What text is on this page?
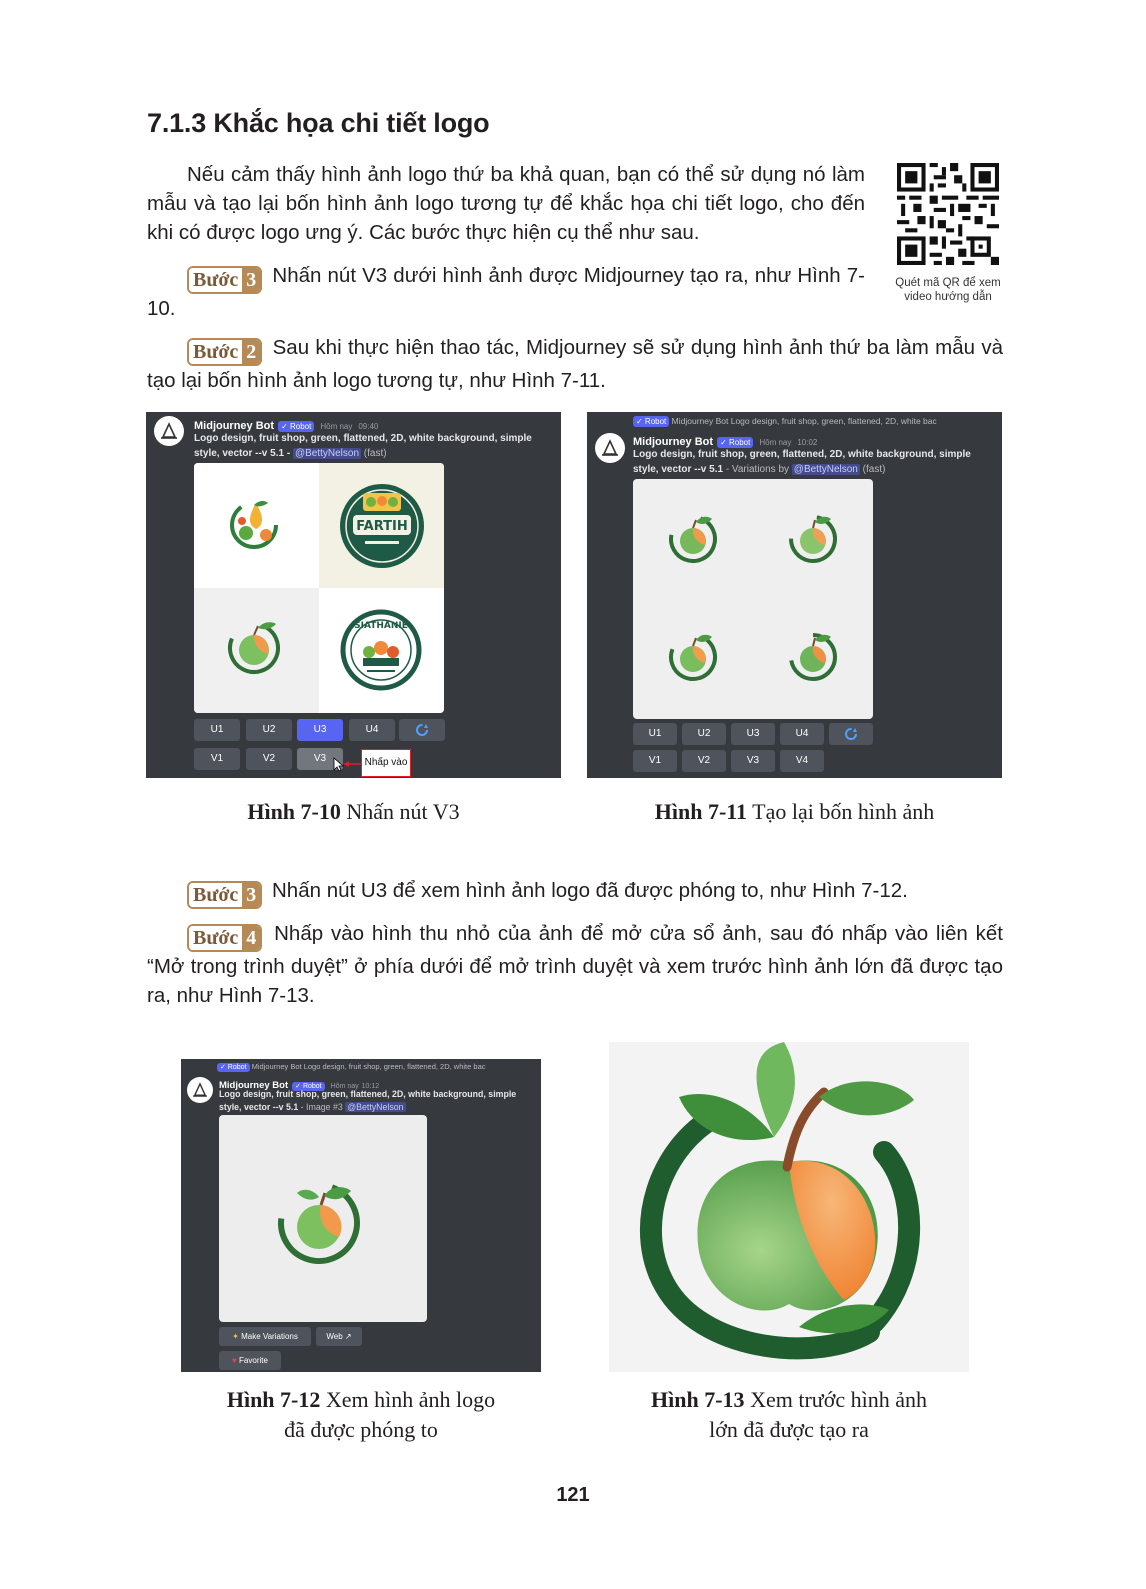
7.1.3 Khắc họa chi tiết logo
Nếu cảm thấy hình ảnh logo thứ ba khả quan, bạn có thể sử dụng nó làm mẫu và tạo lại bốn hình ảnh logo tương tự để khắc họa chi tiết logo, cho đến khi có được logo ưng ý. Các bước thực hiện cụ thể như sau.
Quét mã QR để xem video hướng dẫn
Bước 3 Nhấn nút V3 dưới hình ảnh được Midjourney tạo ra, như Hình 7-10.
Bước 2 Sau khi thực hiện thao tác, Midjourney sẽ sử dụng hình ảnh thứ ba làm mẫu và tạo lại bốn hình ảnh logo tương tự, như Hình 7-11.
Midjourney Bot ✓ Robot Hôm nay 09:40
Logo design, fruit shop, green, flattened, 2D, white background, simple
style, vector --v 5.1 - @BettyNelson (fast)
FARTIH
SIATHANIE
U1	U2	U3	U4
V1	V2	V3	Nhấp vào
Hình 7-10 Nhấn nút V3
✓ Robot Midjourney Bot Logo design, fruit shop, green, flattened, 2D, white bac
Midjourney Bot ✓ Robot Hôm nay 10:02
Logo design, fruit shop, green, flattened, 2D, white background, simple
style, vector --v 5.1 - Variations by @BettyNelson (fast)
U1	U2	U3	U4
V1	V2	V3	V4
Hình 7-11 Tạo lại bốn hình ảnh
Bước 3 Nhấn nút U3 để xem hình ảnh logo đã được phóng to, như Hình 7-12.
Bước 4 Nhấp vào hình thu nhỏ của ảnh để mở cửa sổ ảnh, sau đó nhấp vào liên kết “Mở trong trình duyệt” ở phía dưới để mở trình duyệt và xem trước hình ảnh lớn đã được tạo ra, như Hình 7-13.
✓ Robot Midjourney Bot Logo design, fruit shop, green, flattened, 2D, white bac
Midjourney Bot ✓ Robot Hôm nay 10:12
Logo design, fruit shop, green, flattened, 2D, white background, simple
style, vector --v 5.1 - Image #3 @BettyNelson
✦ Make Variations	Web ↗
♥ Favorite
Hình 7-12 Xem hình ảnh logo
đã được phóng to
Hình 7-13 Xem trước hình ảnh
lớn đã được tạo ra
121
